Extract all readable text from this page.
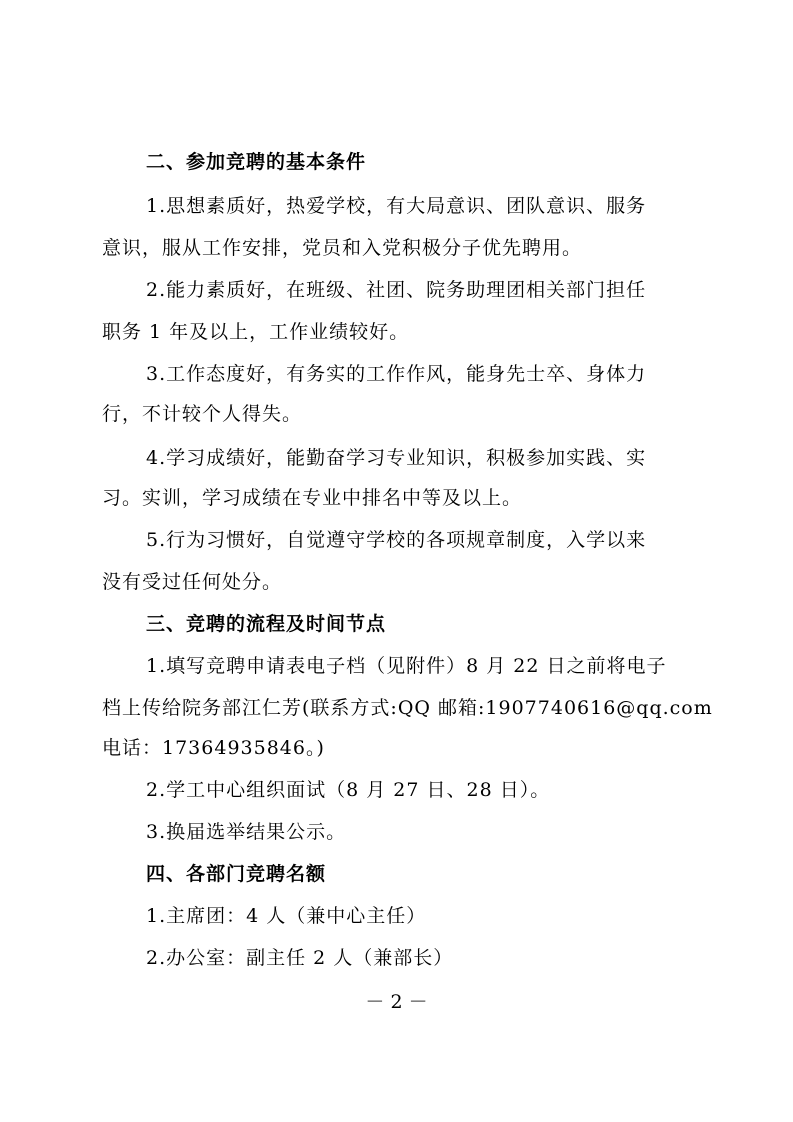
二、参加竞聘的基本条件
1.思想素质好，热爱学校，有大局意识、团队意识、服务
意识，服从工作安排，党员和入党积极分子优先聘用。
2.能力素质好，在班级、社团、院务助理团相关部门担任
职务 1 年及以上，工作业绩较好。
3.工作态度好，有务实的工作作风，能身先士卒、身体力
行，不计较个人得失。
4.学习成绩好，能勤奋学习专业知识，积极参加实践、实
习。实训，学习成绩在专业中排名中等及以上。
5.行为习惯好，自觉遵守学校的各项规章制度，入学以来
没有受过任何处分。
三、竞聘的流程及时间节点
1.填写竞聘申请表电子档（见附件）8 月 22 日之前将电子
档上传给院务部江仁芳(联系方式:QQ 邮箱:1907740616@qq.com
电话：17364935846。)
2.学工中心组织面试（8 月 27 日、28 日）。
3.换届选举结果公示。
四、各部门竞聘名额
1.主席团：4 人（兼中心主任）
2.办公室：副主任 2 人（兼部长）
－ 2 －
